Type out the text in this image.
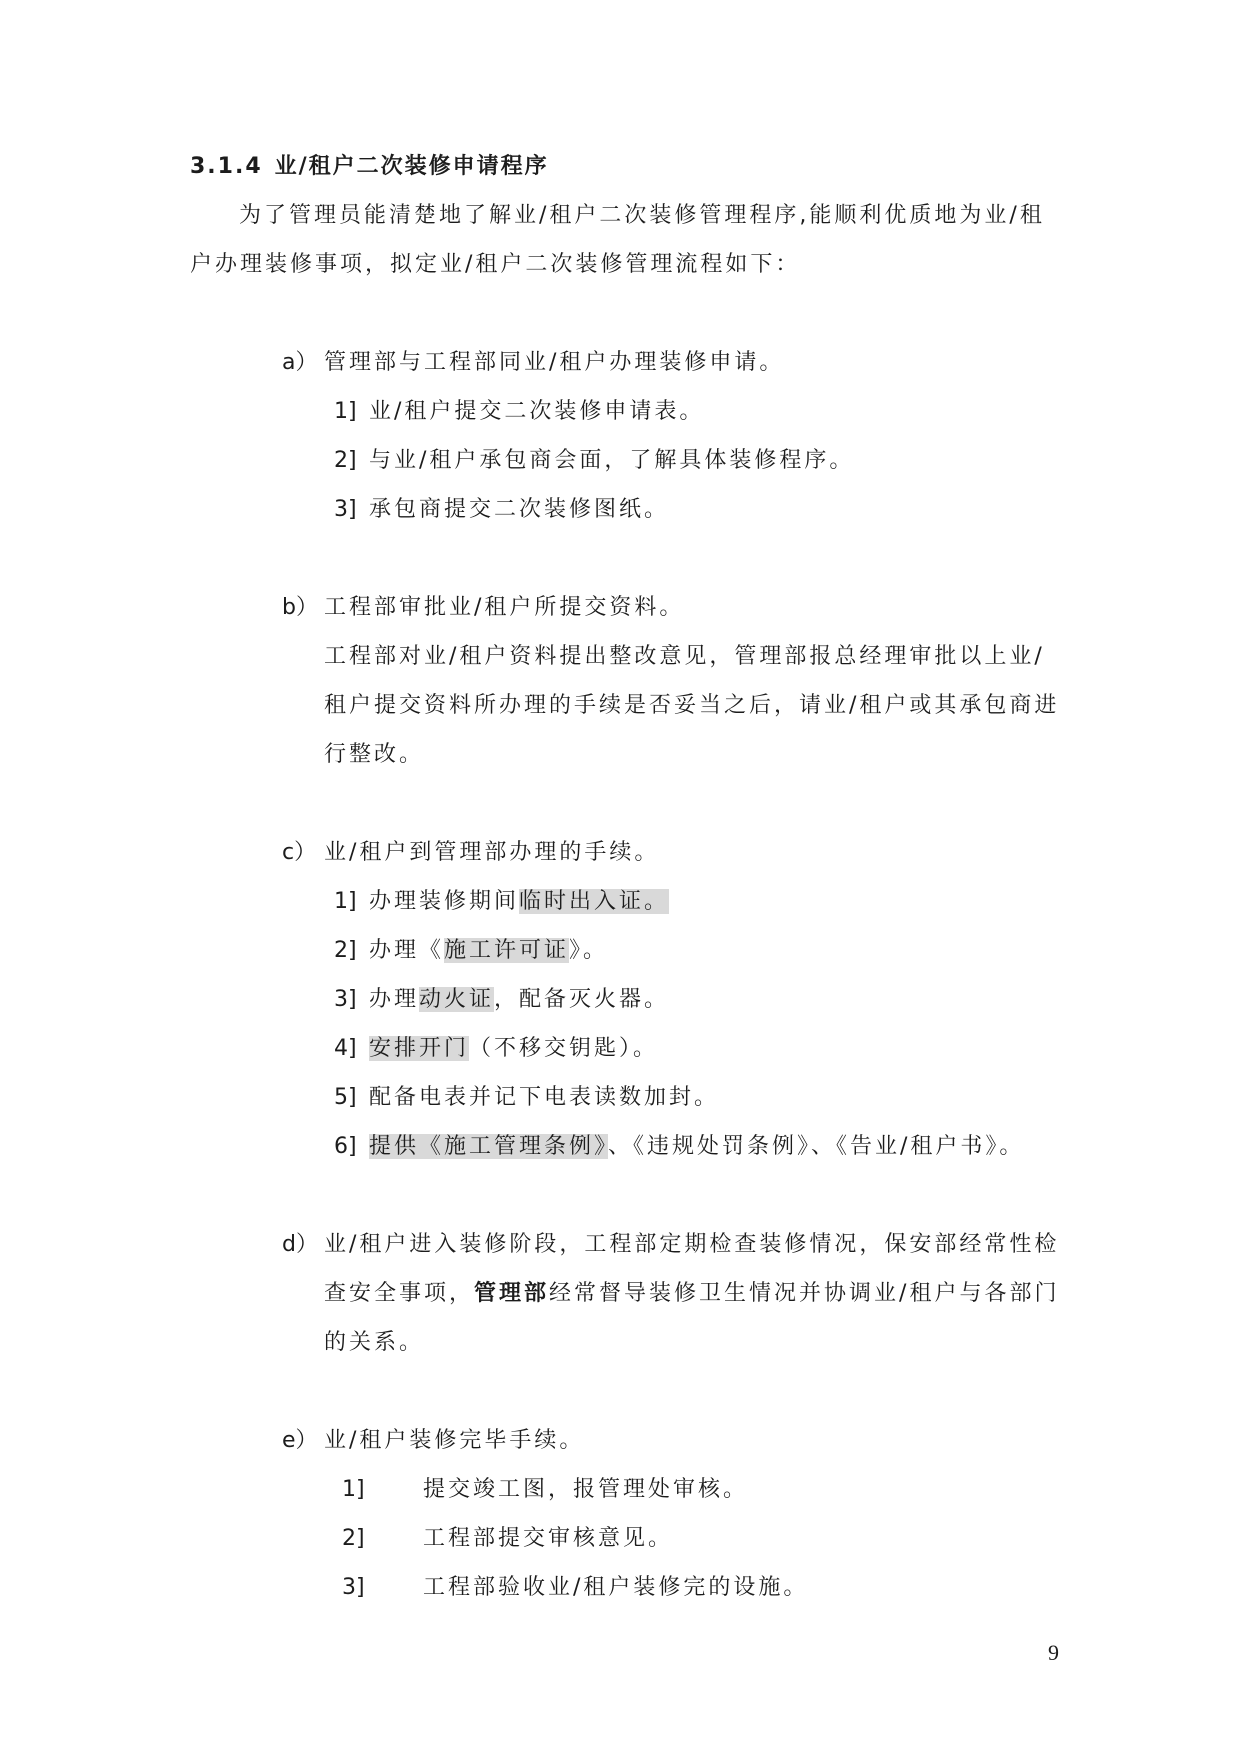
3.1.4 业/租户二次装修申请程序
为了管理员能清楚地了解业/租户二次装修管理程序,能顺利优质地为业/租
户办理装修事项，拟定业/租户二次装修管理流程如下：
a） 管理部与工程部同业/租户办理装修申请。
1] 业/租户提交二次装修申请表。
2] 与业/租户承包商会面，了解具体装修程序。
3] 承包商提交二次装修图纸。
b） 工程部审批业/租户所提交资料。
工程部对业/租户资料提出整改意见，管理部报总经理审批以上业/
租户提交资料所办理的手续是否妥当之后，请业/租户或其承包商进
行整改。
c） 业/租户到管理部办理的手续。
1] 办理装修期间临时出入证。
2] 办理《施工许可证》。
3] 办理动火证，配备灭火器。
4] 安排开门（不移交钥匙）。
5] 配备电表并记下电表读数加封。
6] 提供《施工管理条例》、《违规处罚条例》、《告业/租户书》。
d） 业/租户进入装修阶段，工程部定期检查装修情况，保安部经常性检
查安全事项，管理部经常督导装修卫生情况并协调业/租户与各部门
的关系。
e） 业/租户装修完毕手续。
1]	提交竣工图，报管理处审核。
2]	工程部提交审核意见。
3]	工程部验收业/租户装修完的设施。
9
